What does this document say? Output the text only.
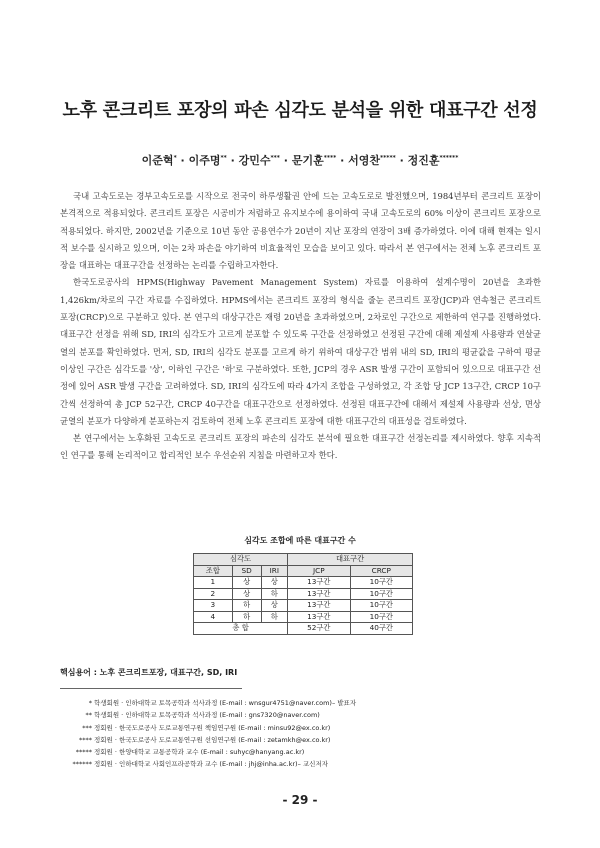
노후 콘크리트 포장의 파손 심각도 분석을 위한 대표구간 선정
이준혁* · 이주명** · 강민수*** · 문기훈**** · 서영찬***** · 정진훈******

국내 고속도로는 경부고속도로를 시작으로 전국이 하루생활권 안에 드는 고속도로로 발전했으며, 1984년부터 콘크리트 포장이 본격적으로 적용되었다. 콘크리트 포장은 시공비가 저렴하고 유지보수에 용이하여 국내 고속도로의 60% 이상이 콘크리트 포장으로 적용되었다. 하지만, 2002년을 기준으로 10년 동안 공용연수가 20년이 지난 포장의 연장이 3배 증가하였다. 이에 대해 현재는 일시적 보수를 실시하고 있으며, 이는 2차 파손을 야기하여 비효율적인 모습을 보이고 있다. 따라서 본 연구에서는 전체 노후 콘크리트 포장을 대표하는 대표구간을 선정하는 논리를 수립하고자한다.

한국도로공사의 HPMS(Highway Pavement Management System) 자료를 이용하여 설계수명이 20년을 초과한 1,426km/차로의 구간 자료를 수집하였다. HPMS에서는 콘크리트 포장의 형식을 줄눈 콘크리트 포장(JCP)과 연속철근 콘크리트 포장(CRCP)으로 구분하고 있다. 본 연구의 대상구간은 재령 20년을 초과하였으며, 2차로인 구간으로 제한하여 연구를 진행하였다. 대표구간 선정을 위해 SD, IRI의 심각도가 고르게 분포할 수 있도록 구간을 선정하였고 선정된 구간에 대해 제설제 사용량과 연살균열의 분포를 확인하였다. 먼저, SD, IRI의 심각도 분포를 고르게 하기 위하여 대상구간 범위 내의 SD, IRI의 평균값을 구하여 평균 이상인 구간은 심각도를 '상', 이하인 구간은 '하'로 구분하였다. 또한, JCP의 경우 ASR 발생 구간이 포함되어 있으므로 대표구간 선정에 있어 ASR 발생 구간을 고려하였다. SD, IRI의 심각도에 따라 4가지 조합을 구성하였고, 각 조합 당 JCP 13구간, CRCP 10구간씩 선정하여 총 JCP 52구간, CRCP 40구간을 대표구간으로 선정하였다. 선정된 대표구간에 대해서 제설제 사용량과 선상, 면상균열의 분포가 다양하게 분포하는지 검토하여 전체 노후 콘크리트 포장에 대한 대표구간의 대표성을 검토하였다.

본 연구에서는 노후화된 고속도로 콘크리트 포장의 파손의 심각도 분석에 필요한 대표구간 선정논리를 제시하였다. 향후 지속적인 연구를 통해 논리적이고 합리적인 보수 우선순위 지침을 마련하고자 한다.

심각도 조합에 따른 대표구간 수
심각도			대표구간	
조합	SD	IRI	JCP	CRCP
1	상	상	13구간	10구간
2	상	하	13구간	10구간
3	하	상	13구간	10구간
4	하	하	13구간	10구간
총 합			52구간	40구간
핵심용어 : 노후 콘크리트포장, 대표구간, SD, IRI
* 학생회원 · 인하대학교 토목공학과 석사과정 (E-mail : wnsgur4751@naver.com)– 발표자
** 학생회원 · 인하대학교 토목공학과 석사과정 (E-mail : gns7320@naver.com)
*** 정회원 · 한국도로공사 도로교통연구원 책임연구원 (E-mail : minsu92@ex.co.kr)
**** 정회원 · 한국도로공사 도로교통연구원 선임연구원 (E-mail : zetamkh@ex.co.kr)
***** 정회원 · 한양대학교 교통공학과 교수 (E-mail : suhyc@hanyang.ac.kr)
****** 정회원 · 인하대학교 사회인프라공학과 교수 (E-mail : jhj@inha.ac.kr)– 교신저자
- 29 -
